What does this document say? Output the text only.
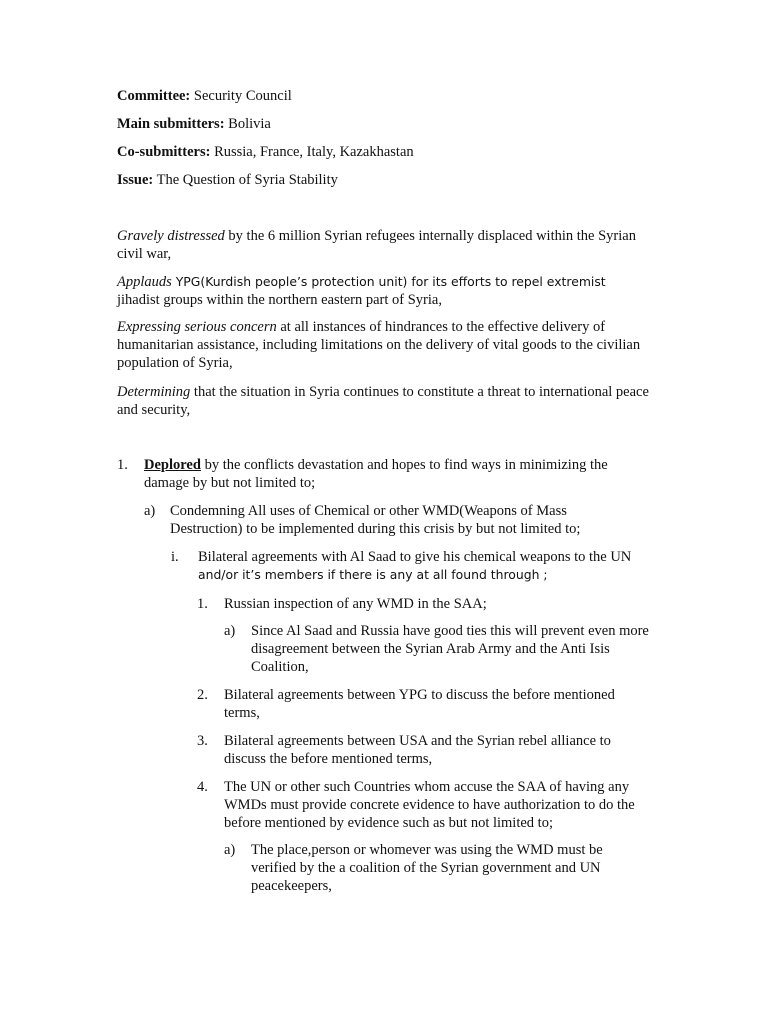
Committee: Security Council
Main submitters: Bolivia
Co-submitters: Russia, France, Italy, Kazakhastan
Issue: The Question of Syria Stability
Gravely distressed by the 6 million Syrian refugees internally displaced within the Syrian civil war,
Applauds YPG(Kurdish people’s protection unit) for its efforts to repel extremist
jihadist groups within the northern eastern part of Syria,
Expressing serious concern at all instances of hindrances to the effective delivery of humanitarian assistance, including limitations on the delivery of vital goods to the civilian population of Syria,
Determining that the situation in Syria continues to constitute a threat to international peace and security,
1. Deplored by the conflicts devastation and hopes to find ways in minimizing the damage by but not limited to;
a) Condemning All uses of Chemical or other WMD(Weapons of Mass Destruction) to be implemented during this crisis by but not limited to;
i. Bilateral agreements with Al Saad to give his chemical weapons to the UN
and/or it’s members if there is any at all found through ;
1. Russian inspection of any WMD in the SAA;
a) Since Al Saad and Russia have good ties this will prevent even more disagreement between the Syrian Arab Army and the Anti Isis Coalition,
2. Bilateral agreements between YPG to discuss the before mentioned terms,
3. Bilateral agreements between USA and the Syrian rebel alliance to discuss the before mentioned terms,
4. The UN or other such Countries whom accuse the SAA of having any WMDs must provide concrete evidence to have authorization to do the before mentioned by evidence such as but not limited to;
a) The place,person or whomever was using the WMD must be verified by the a coalition of the Syrian government and UN peacekeepers,
